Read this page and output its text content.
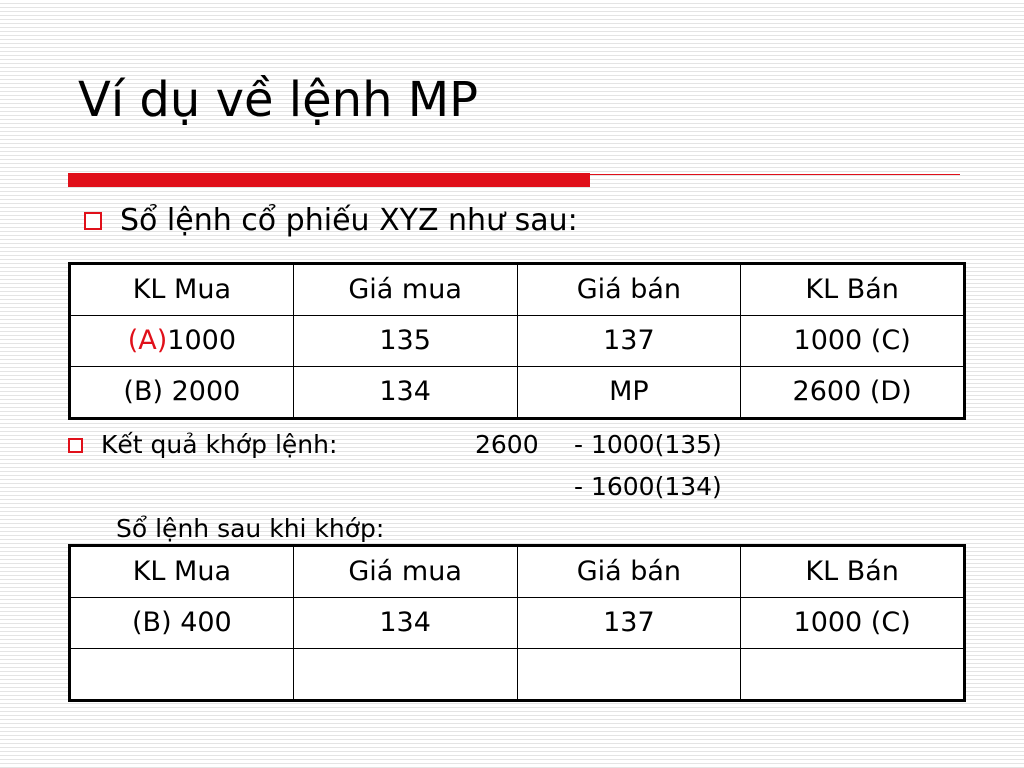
Ví dụ về lệnh MP
Sổ lệnh cổ phiếu XYZ như sau:
KL Mua	Giá mua	Giá bán	KL Bán
(A)1000	135	137	1000 (C)
(B) 2000	134	MP	2600 (D)
Kết quả khớp lệnh:	2600 - 1000(135)
- 1600(134)
Sổ lệnh sau khi khớp:
KL Mua	Giá mua	Giá bán	KL Bán
(B) 400	134	137	1000 (C)
